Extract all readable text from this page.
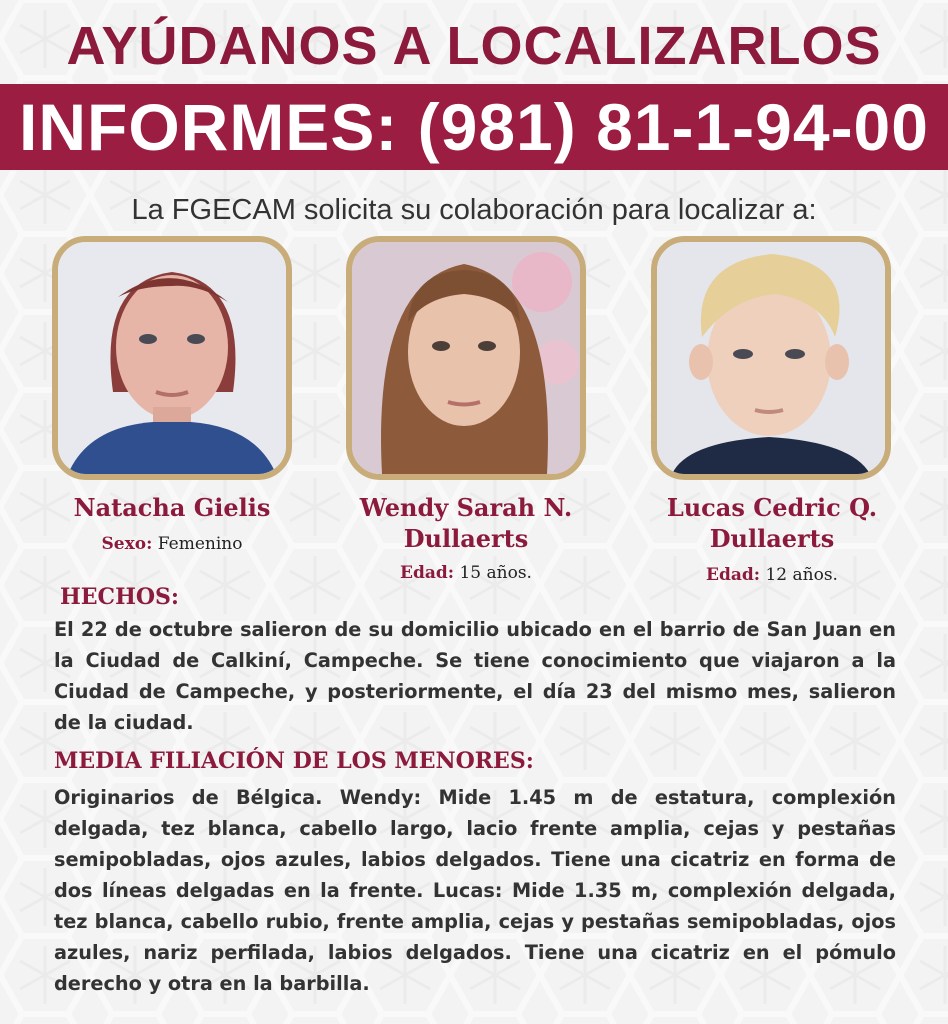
AYÚDANOS A LOCALIZARLOS
INFORMES: (981) 81-1-94-00
La FGECAM solicita su colaboración para localizar a:
Natacha Gielis
Sexo: Femenino
Wendy Sarah N.
Dullaerts
Edad: 15 años.
Lucas Cedric Q.
Dullaerts
Edad: 12 años.
HECHOS:
El 22 de octubre salieron de su domicilio ubicado en el barrio de San Juan en la Ciudad de Calkiní, Campeche. Se tiene conocimiento que viajaron a la Ciudad de Campeche, y posteriormente, el día 23 del mismo mes, salieron de la ciudad.
MEDIA FILIACIÓN DE LOS MENORES:
Originarios de Bélgica. Wendy: Mide 1.45 m de estatura, complexión delgada, tez blanca, cabello largo, lacio frente amplia, cejas y pestañas semipobladas, ojos azules, labios delgados. Tiene una cicatriz en forma de dos líneas delgadas en la frente. Lucas: Mide 1.35 m, complexión delgada, tez blanca, cabello rubio, frente amplia, cejas y pestañas semipobladas, ojos azules, nariz perfilada, labios delgados. Tiene una cicatriz en el pómulo derecho y otra en la barbilla.
